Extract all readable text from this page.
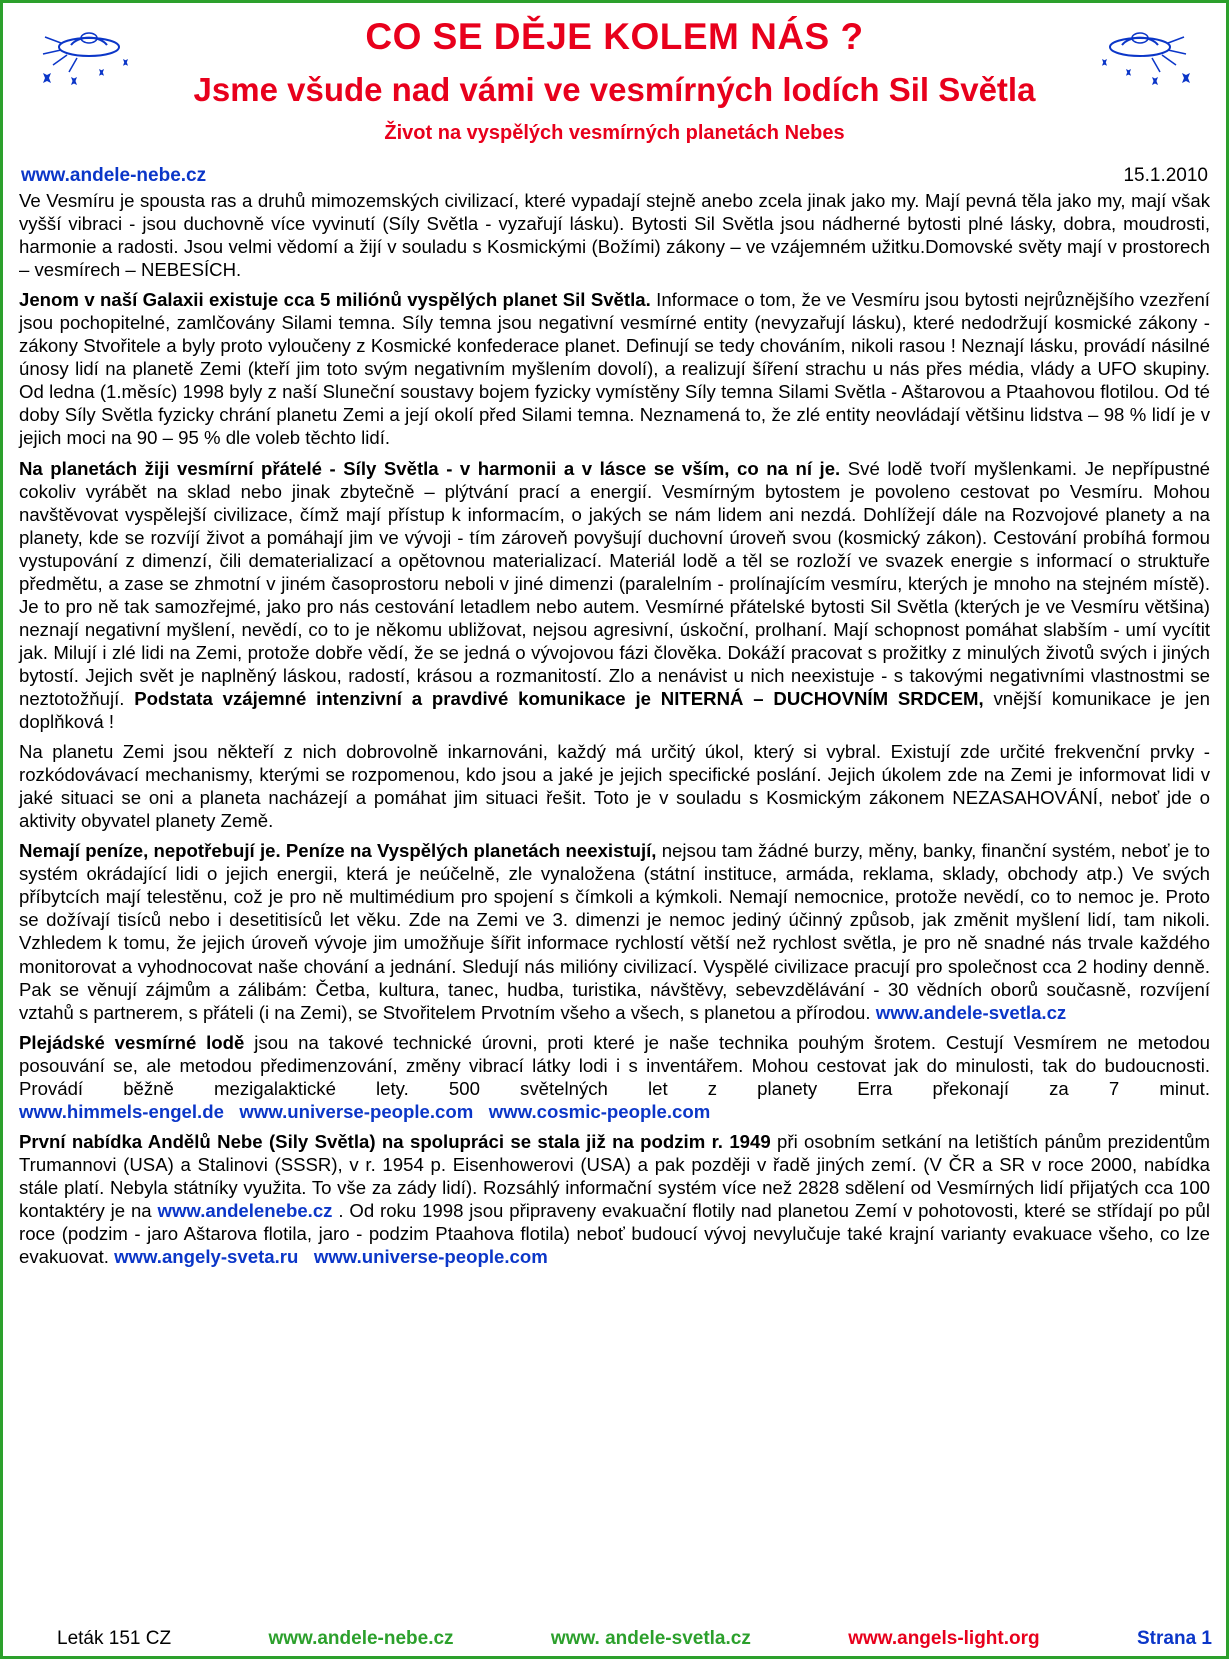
CO SE DĚJE KOLEM NÁS ?
Jsme všude nad vámi ve vesmírných lodích Sil Světla
Život na vyspělých vesmírných planetách Nebes
www.andele-nebe.cz	15.1.2010

Ve Vesmíru je spousta ras a druhů mimozemských civilizací, které vypadají stejně anebo zcela jinak jako my. Mají pevná těla jako my, mají však vyšší vibraci - jsou duchovně více vyvinutí (Síly Světla - vyzařují lásku). Bytosti Sil Světla jsou nádherné bytosti plné lásky, dobra, moudrosti, harmonie a radosti. Jsou velmi vědomí a žijí v souladu s Kosmickými (Božími) zákony – ve vzájemném užitku.Domovské světy mají v prostorech – vesmírech – NEBESÍCH.

Jenom v naší Galaxii existuje cca 5 miliónů vyspělých planet Sil Světla. Informace o tom, že ve Vesmíru jsou bytosti nejrůznějšího vzezření jsou pochopitelné, zamlčovány Silami temna. Síly temna jsou negativní vesmírné entity (nevyzařují lásku), které nedodržují kosmické zákony - zákony Stvořitele a byly proto vyloučeny z Kosmické konfederace planet. Definují se tedy chováním, nikoli rasou ! Neznají lásku, provádí násilné únosy lidí na planetě Zemi (kteří jim toto svým negativním myšlením dovolí), a realizují šíření strachu u nás přes média, vlády a UFO skupiny. Od ledna (1.měsíc) 1998 byly z naší Sluneční soustavy bojem fyzicky vymístěny Síly temna Silami Světla - Aštarovou a Ptaahovou flotilou. Od té doby Síly Světla fyzicky chrání planetu Zemi a její okolí před Silami temna. Neznamená to, že zlé entity neovládají většinu lidstva – 98 % lidí je v jejich moci na 90 – 95 % dle voleb těchto lidí.

Na planetách žiji vesmírní přátelé - Síly Světla - v harmonii a v lásce se vším, co na ní je. Své lodě tvoří myšlenkami. Je nepřípustné cokoliv vyrábět na sklad nebo jinak zbytečně – plýtvání prací a energií. Vesmírným bytostem je povoleno cestovat po Vesmíru. Mohou navštěvovat vyspělejší civilizace, čímž mají přístup k informacím, o jakých se nám lidem ani nezdá. Dohlížejí dále na Rozvojové planety a na planety, kde se rozvíjí život a pomáhají jim ve vývoji - tím zároveň povyšují duchovní úroveň svou (kosmický zákon). Cestování probíhá formou vystupování z dimenzí, čili dematerializací a opětovnou materializací. Materiál lodě a těl se rozloží ve svazek energie s informací o struktuře předmětu, a zase se zhmotní v jiném časoprostoru neboli v jiné dimenzi (paralelním - prolínajícím vesmíru, kterých je mnoho na stejném místě). Je to pro ně tak samozřejmé, jako pro nás cestování letadlem nebo autem. Vesmírné přátelské bytosti Sil Světla (kterých je ve Vesmíru většina) neznají negativní myšlení, nevědí, co to je někomu ubližovat, nejsou agresivní, úskoční, prolhaní. Mají schopnost pomáhat slabším - umí vycítit jak. Milují i zlé lidi na Zemi, protože dobře vědí, že se jedná o vývojovou fázi člověka. Dokáží pracovat s prožitky z minulých životů svých i jiných bytostí. Jejich svět je naplněný láskou, radostí, krásou a rozmanitostí. Zlo a nenávist u nich neexistuje - s takovými negativními vlastnostmi se neztotožňují. Podstata vzájemné intenzivní a pravdivé komunikace je NITERNÁ – DUCHOVNÍM SRDCEM, vnější komunikace je jen doplňková !

Na planetu Zemi jsou někteří z nich dobrovolně inkarnováni, každý má určitý úkol, který si vybral. Existují zde určité frekvenční prvky - rozkódovávací mechanismy, kterými se rozpomenou, kdo jsou a jaké je jejich specifické poslání. Jejich úkolem zde na Zemi je informovat lidi v jaké situaci se oni a planeta nacházejí a pomáhat jim situaci řešit. Toto je v souladu s Kosmickým zákonem NEZASAHOVÁNÍ, neboť jde o aktivity obyvatel planety Země.

Nemají peníze, nepotřebují je. Peníze na Vyspělých planetách neexistují, nejsou tam žádné burzy, měny, banky, finanční systém, neboť je to systém okrádající lidi o jejich energii, která je neúčelně, zle vynaložena (státní instituce, armáda, reklama, sklady, obchody atp.) Ve svých příbytcích mají telestěnu, což je pro ně multimédium pro spojení s čímkoli a kýmkoli. Nemají nemocnice, protože nevědí, co to nemoc je. Proto se dožívají tisíců nebo i desetitisíců let věku. Zde na Zemi ve 3. dimenzi je nemoc jediný účinný způsob, jak změnit myšlení lidí, tam nikoli. Vzhledem k tomu, že jejich úroveň vývoje jim umožňuje šířit informace rychlostí větší než rychlost světla, je pro ně snadné nás trvale každého monitorovat a vyhodnocovat naše chování a jednání. Sledují nás milióny civilizací. Vyspělé civilizace pracují pro společnost cca 2 hodiny denně. Pak se věnují zájmům a zálibám: Četba, kultura, tanec, hudba, turistika, návštěvy, sebevzdělávání - 30 vědních oborů současně, rozvíjení vztahů s partnerem, s přáteli (i na Zemi), se Stvořitelem Prvotním všeho a všech, s planetou a přírodou. www.andele-svetla.cz

Plejádské vesmírné lodě jsou na takové technické úrovni, proti které je naše technika pouhým šrotem. Cestují Vesmírem ne metodou posouvání se, ale metodou předimenzování, změny vibrací látky lodi i s inventářem. Mohou cestovat jak do minulosti, tak do budoucnosti. Provádí běžně mezigalaktické lety. 500 světelných let z planety Erra překonají za 7 minut. www.himmels-engel.de www.universe-people.com www.cosmic-people.com

První nabídka Andělů Nebe (Sily Světla) na spolupráci se stala již na podzim r. 1949 při osobním setkání na letištích pánům prezidentům Trumannovi (USA) a Stalinovi (SSSR), v r. 1954 p. Eisenhowerovi (USA) a pak později v řadě jiných zemí. (V ČR a SR v roce 2000, nabídka stále platí. Nebyla státníky využita. To vše za zády lidí). Rozsáhlý informační systém více než 2828 sdělení od Vesmírných lidí přijatých cca 100 kontaktéry je na www.andelenebe.cz . Od roku 1998 jsou připraveny evakuační flotily nad planetou Zemí v pohotovosti, které se střídají po půl roce (podzim - jaro Aštarova flotila, jaro - podzim Ptaahova flotila) neboť budoucí vývoj nevylučuje také krajní varianty evakuace všeho, co lze evakuovat. www.angely-sveta.ru www.universe-people.com

Leták 151 CZ	www.andele-nebe.cz	www. andele-svetla.cz	www.angels-light.org	Strana 1
